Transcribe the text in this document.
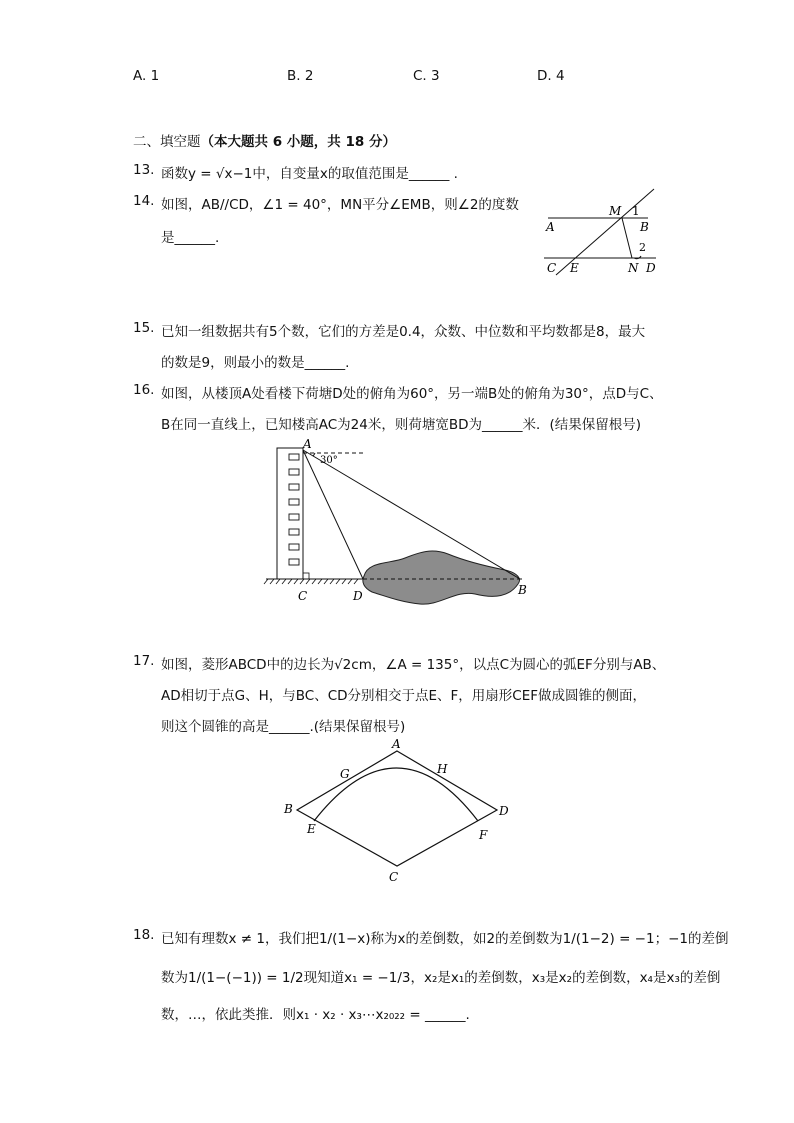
A. 1	B. 2	C. 3	D. 4
二、填空题（本大题共 6 小题，共 18 分）
13. 函数y = √x−1中，自变量x的取值范围是______ .
14. 如图，AB//CD，∠1 = 40°，MN平分∠EMB，则∠2的度数
是______.
M 1
A	B
2
C E	N D
15. 已知一组数据共有5个数，它们的方差是0.4，众数、中位数和平均数都是8，最大
的数是9，则最小的数是______.
16. 如图，从楼顶A处看楼下荷塘D处的俯角为60°，另一端B处的俯角为30°，点D与C、
B在同一直线上，已知楼高AC为24米，则荷塘宽BD为______米．(结果保留根号)
A
30°
C	D	B
17. 如图，菱形ABCD中的边长为√2cm，∠A = 135°，以点C为圆心的弧EF分别与AB、
AD相切于点G、H，与BC、CD分别相交于点E、F，用扇形CEF做成圆锥的侧面，
则这个圆锥的高是______.(结果保留根号)
A
G	H
B	D
E	F
C
18. 已知有理数x ≠ 1，我们把1/(1−x)称为x的差倒数，如2的差倒数为1/(1−2) = −1；−1的差倒
数为1/(1−(−1)) = 1/2现知道x₁ = −1/3，x₂是x₁的差倒数，x₃是x₂的差倒数，x₄是x₃的差倒
数，…，依此类推．则x₁ · x₂ · x₃⋯x₂₀₂₂ = ______.
